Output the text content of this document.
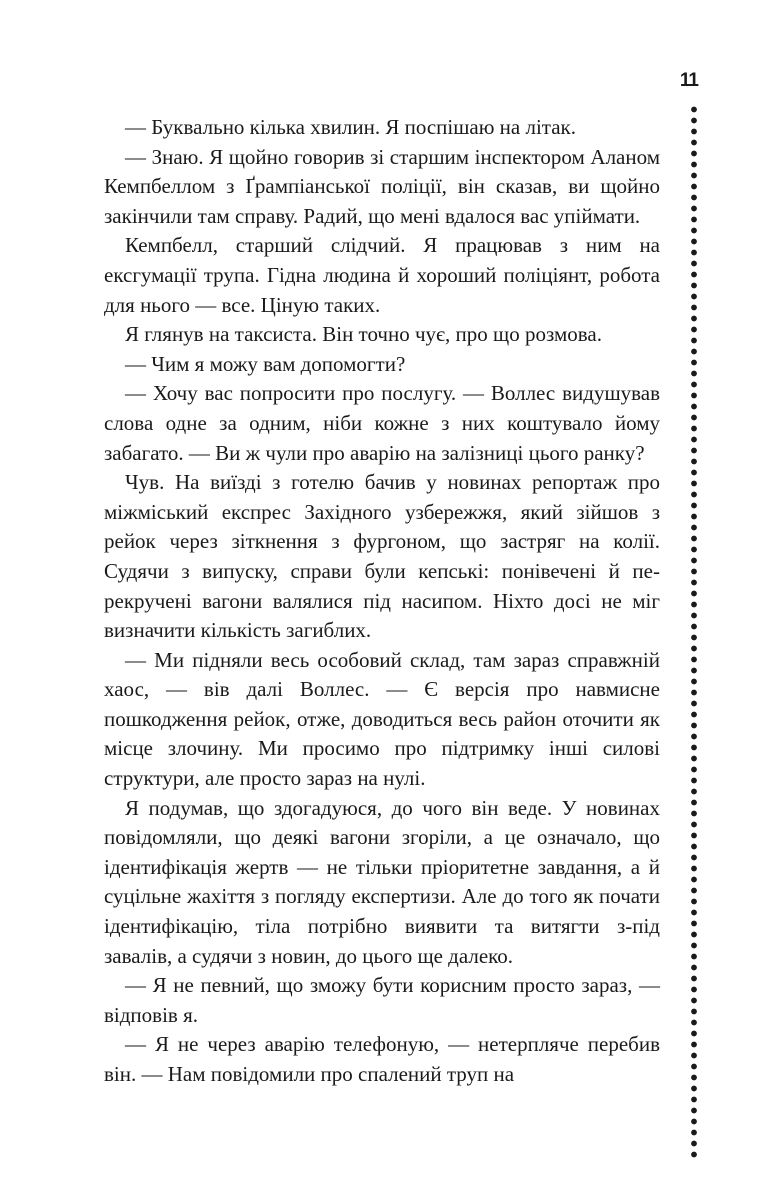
11

— Буквально кілька хвилин. Я поспішаю на літак.

— Знаю. Я щойно говорив зі старшим інспектором Аланом Кемпбеллом з Ґрампіанської поліції, він сказав, ви щойно закінчили там справу. Радий, що мені вдалося вас упіймати.

Кемпбелл, старший слідчий. Я працював з ним на ексгумації трупа. Гідна людина й хороший поліціянт, робота для нього — все. Ціную таких.

Я глянув на таксиста. Він точно чує, про що розмова.

— Чим я можу вам допомогти?

— Хочу вас попросити про послугу. — Воллес видушував слова одне за одним, ніби кожне з них коштувало йому забагато. — Ви ж чули про аварію на залізниці цього ранку?

Чув. На виїзді з готелю бачив у новинах репортаж про міжміський експрес Західного узбережжя, який зійшов з рейок через зіткнення з фургоном, що застряг на колії. Судячи з випуску, справи були кепські: понівечені й перекручені вагони валялися під насипом. Ніхто досі не міг визначити кількість загиблих.

— Ми підняли весь особовий склад, там зараз справжній хаос, — вів далі Воллес. — Є версія про навмисне пошкодження рейок, отже, доводиться весь район оточити як місце злочину. Ми просимо про підтримку інші силові структури, але просто зараз на нулі.

Я подумав, що здогадуюся, до чого він веде. У новинах повідомляли, що деякі вагони згоріли, а це означало, що ідентифікація жертв — не тільки пріоритетне завдання, а й суцільне жахіття з погляду експертизи. Але до того як почати ідентифікацію, тіла потрібно виявити та витягти з-під завалів, а судячи з новин, до цього ще далеко.

— Я не певний, що зможу бути корисним просто зараз, — відповів я.

— Я не через аварію телефоную, — нетерпляче перебив він. — Нам повідомили про спалений труп на
